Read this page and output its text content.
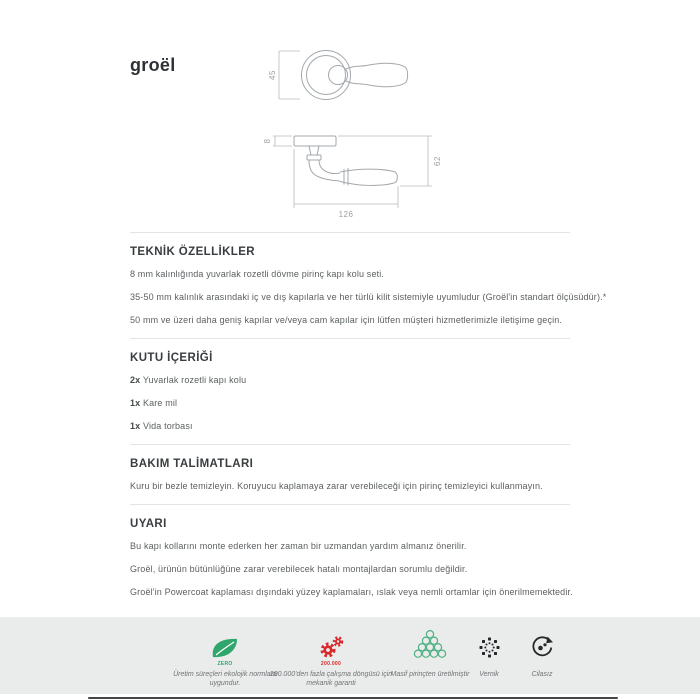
groël	45
8
62
126
TEKNİK ÖZELLİKLER

8 mm kalınlığında yuvarlak rozetli dövme pirinç kapı kolu seti.

35-50 mm kalınlık arasındaki iç ve dış kapılarla ve her türlü kilit sistemiyle uyumludur (Groël'in standart ölçüsüdür).*

50 mm ve üzeri daha geniş kapılar ve/veya cam kapılar için lütfen müşteri hizmetlerimizle iletişime geçin.

KUTU İÇERİĞİ

2x Yuvarlak rozetli kapı kolu

1x Kare mil

1x Vida torbası

BAKIM TALİMATLARI

Kuru bir bezle temizleyin. Koruyucu kaplamaya zarar verebileceği için pirinç temizleyici kullanmayın.

UYARI

Bu kapı kollarını monte ederken her zaman bir uzmandan yardım almanız önerilir.

Groël, ürünün bütünlüğüne zarar verebilecek hatalı montajlardan sorumlu değildir.

Groël'in Powercoat kaplaması dışındaki yüzey kaplamaları, ıslak veya nemli ortamlar için önerilmemektedir.

ZERO
Üretim süreçleri ekolojik normlara uygundur.
200.000
200.000'den fazla çalışma döngüsü için mekanik garanti
Masif pirinçten üretilmiştir	Vernik	Cilasız
